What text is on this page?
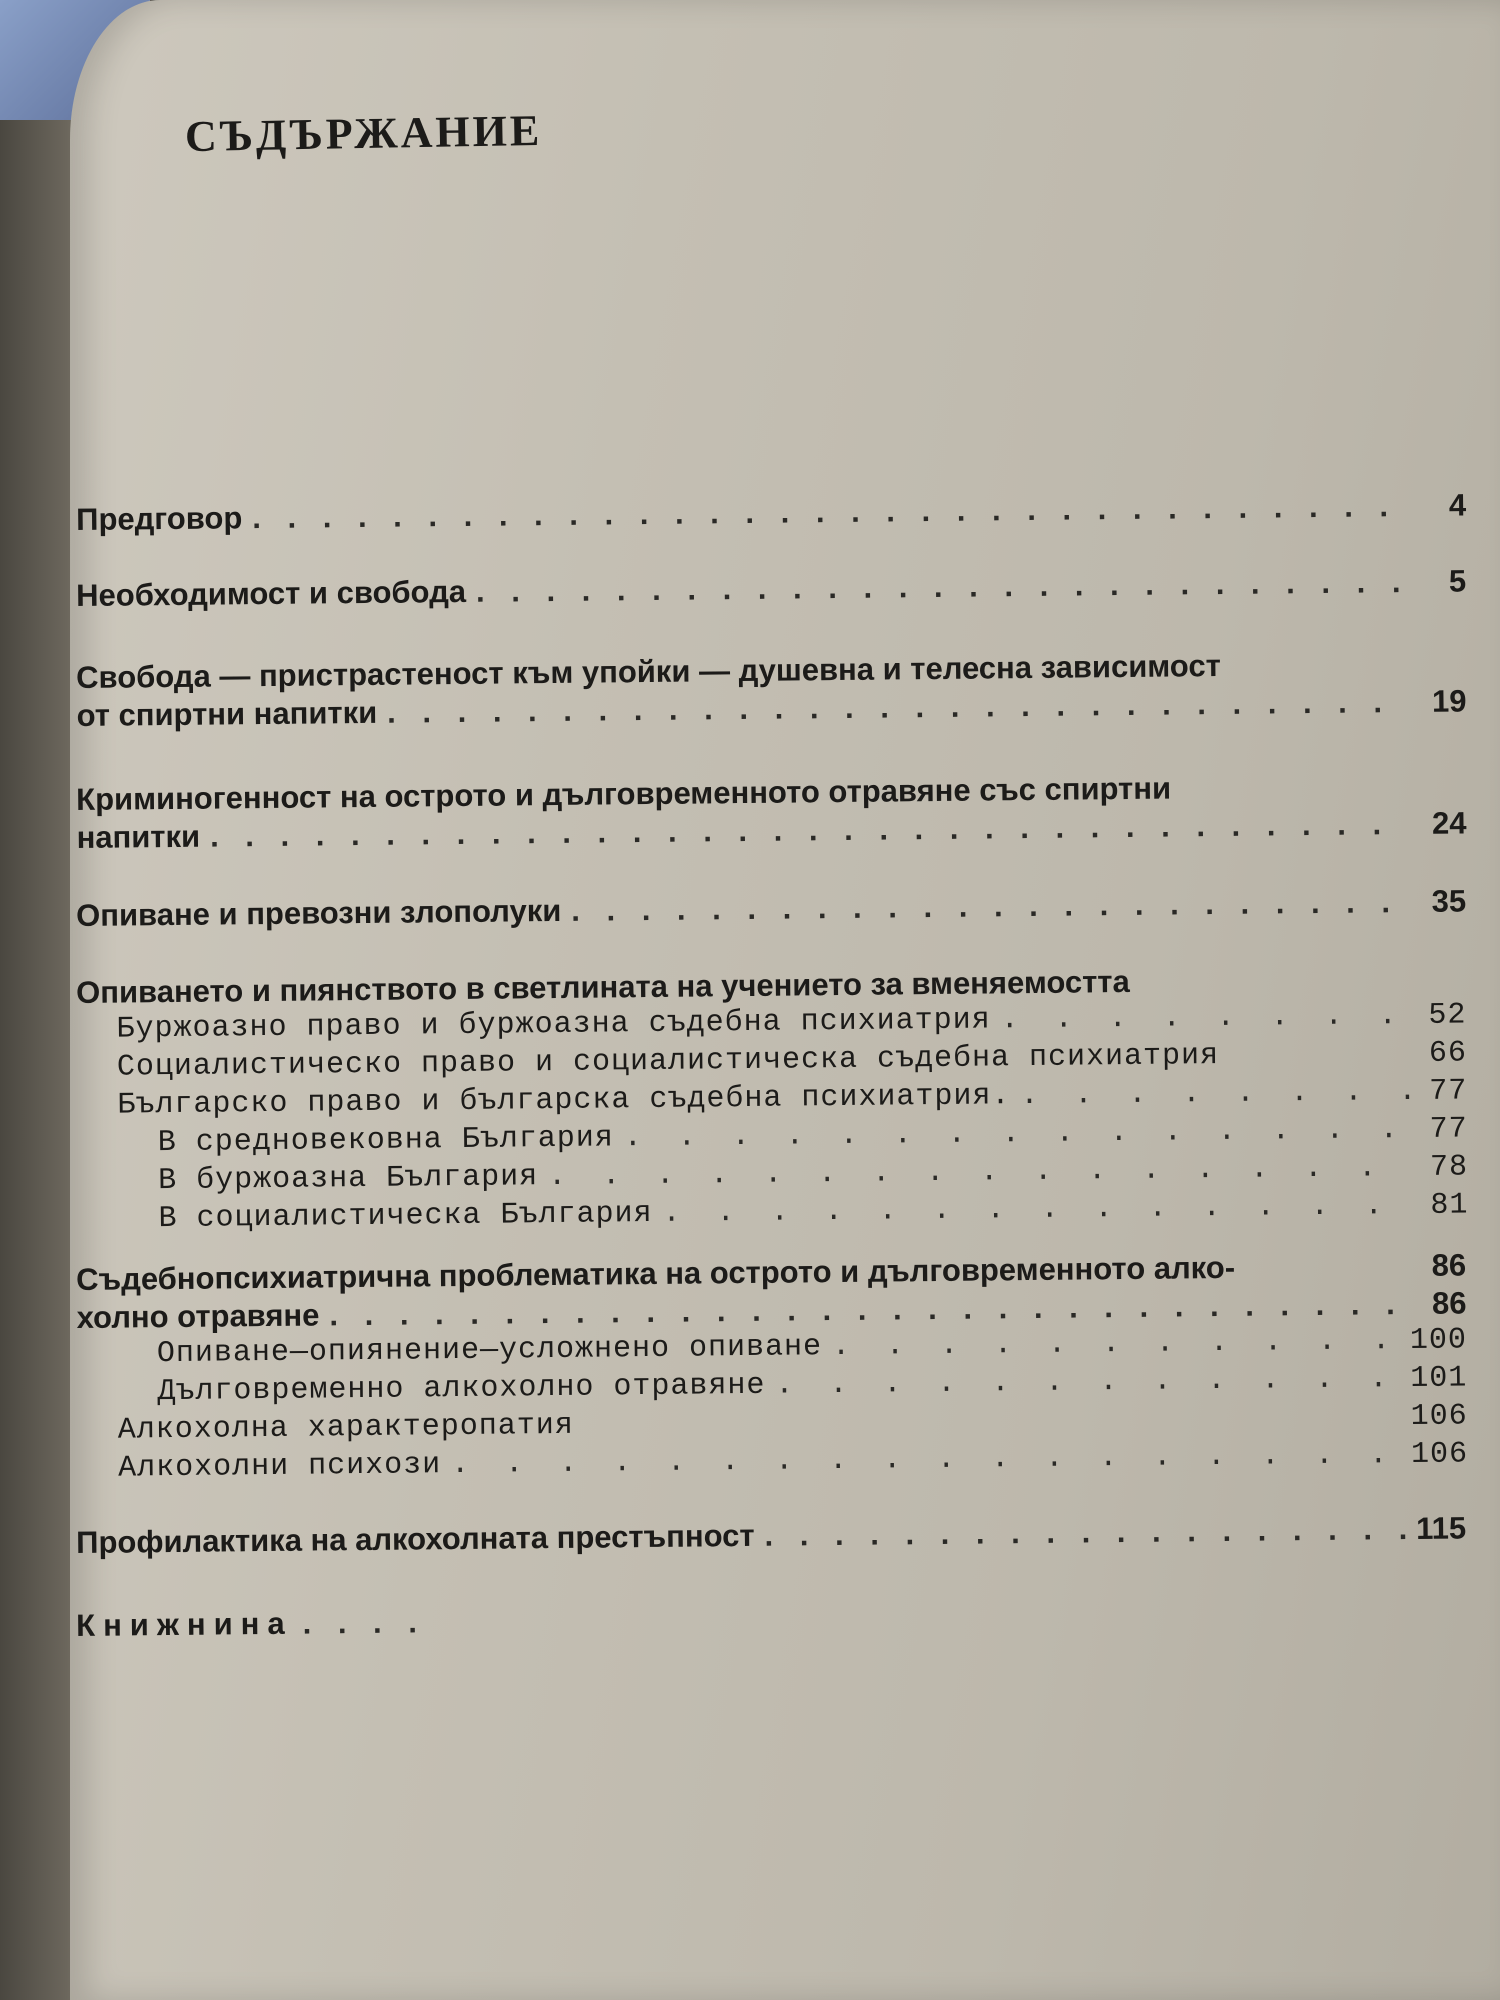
СЪДЪРЖАНИЕ
Предговор . . .	4
Необходимост и свобода . . .	5
Свобода — пристрастеност към упойки — душевна и телесна зависимост
от спиртни напитки . . .	19
Криминогенност на острото и дълговременното отравяне със спиртни
напитки . . .	24
Опиване и превозни злополуки . . .	35
Опиването и пиянството в светлината на учението за вменяемостта
Буржоазно право и буржоазна съдебна психиатрия . . .	52
Социалистическо право и социалистическа съдебна психиатрия	66
Българско право и българска съдебна психиатрия. . . .	77
В средновековна България . . .	77
В буржоазна България . . .	78
В социалистическа България . . .	81
Съдебнопсихиатрична проблематика на острото и дълговременното алко-	86
холно отравяне . . .	86
Опиване—опиянение—усложнено опиване . . .	100
Дълговременно алкохолно отравяне . . .	101
Алкохолна характеропатия	106
Алкохолни психози . . .	106
Профилактика на алкохолната престъпност . . .	115
Книжнина
. . .
